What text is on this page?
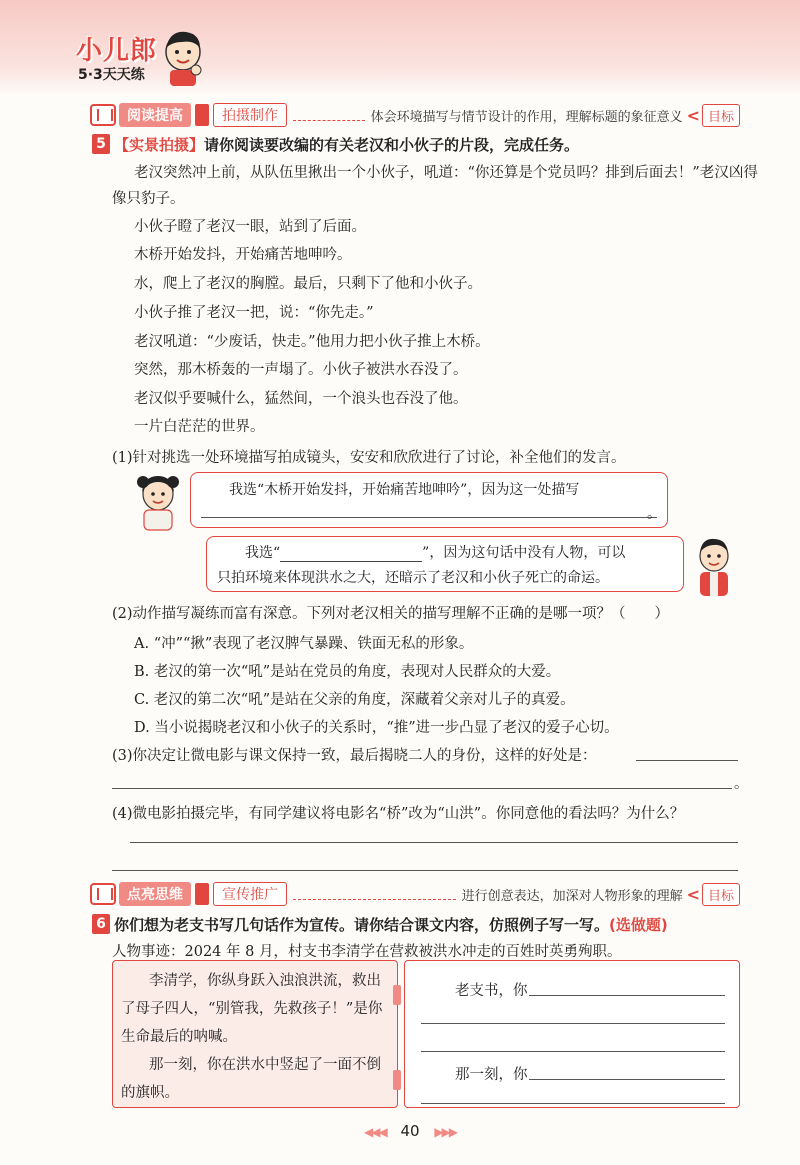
小儿郎
5·3天天练
阅读提高	拍摄制作	体会环境描写与情节设计的作用，理解标题的象征意义 < 目标
5 【实景拍摄】请你阅读要改编的有关老汉和小伙子的片段，完成任务。
老汉突然冲上前，从队伍里揪出一个小伙子，吼道：“你还算是个党员吗？排到后面去！”老汉凶得像只豹子。
小伙子瞪了老汉一眼，站到了后面。
木桥开始发抖，开始痛苦地呻吟。
水，爬上了老汉的胸膛。最后，只剩下了他和小伙子。
小伙子推了老汉一把，说：“你先走。”
老汉吼道：“少废话，快走。”他用力把小伙子推上木桥。
突然，那木桥轰的一声塌了。小伙子被洪水吞没了。
老汉似乎要喊什么，猛然间，一个浪头也吞没了他。
一片白茫茫的世界。
(1)针对挑选一处环境描写拍成镜头，安安和欣欣进行了讨论，补全他们的发言。
我选“木桥开始发抖，开始痛苦地呻吟”，因为这一处描写
。
我选“	”，因为这句话中没有人物，可以
只拍环境来体现洪水之大，还暗示了老汉和小伙子死亡的命运。
(2)动作描写凝练而富有深意。下列对老汉相关的描写理解不正确的是哪一项？（　　）
A. “冲”“揪”表现了老汉脾气暴躁、铁面无私的形象。
B. 老汉的第一次“吼”是站在党员的角度，表现对人民群众的大爱。
C. 老汉的第二次“吼”是站在父亲的角度，深藏着父亲对儿子的真爱。
D. 当小说揭晓老汉和小伙子的关系时，“推”进一步凸显了老汉的爱子心切。
(3)你决定让微电影与课文保持一致，最后揭晓二人的身份，这样的好处是：
。
(4)微电影拍摄完毕，有同学建议将电影名“桥”改为“山洪”。你同意他的看法吗？为什么？
点亮思维	宣传推广	进行创意表达，加深对人物形象的理解 < 目标
6 你们想为老支书写几句话作为宣传。请你结合课文内容，仿照例子写一写。(选做题)
人物事迹：2024 年 8 月，村支书李清学在营救被洪水冲走的百姓时英勇殉职。

李清学，你纵身跃入浊浪洪流，救出了母子四人，“别管我，先救孩子！”是你生命最后的呐喊。

那一刻，你在洪水中竖起了一面不倒的旗帜。

老支书，你
那一刻，你
◀◀◀ 40 ▶▶▶
